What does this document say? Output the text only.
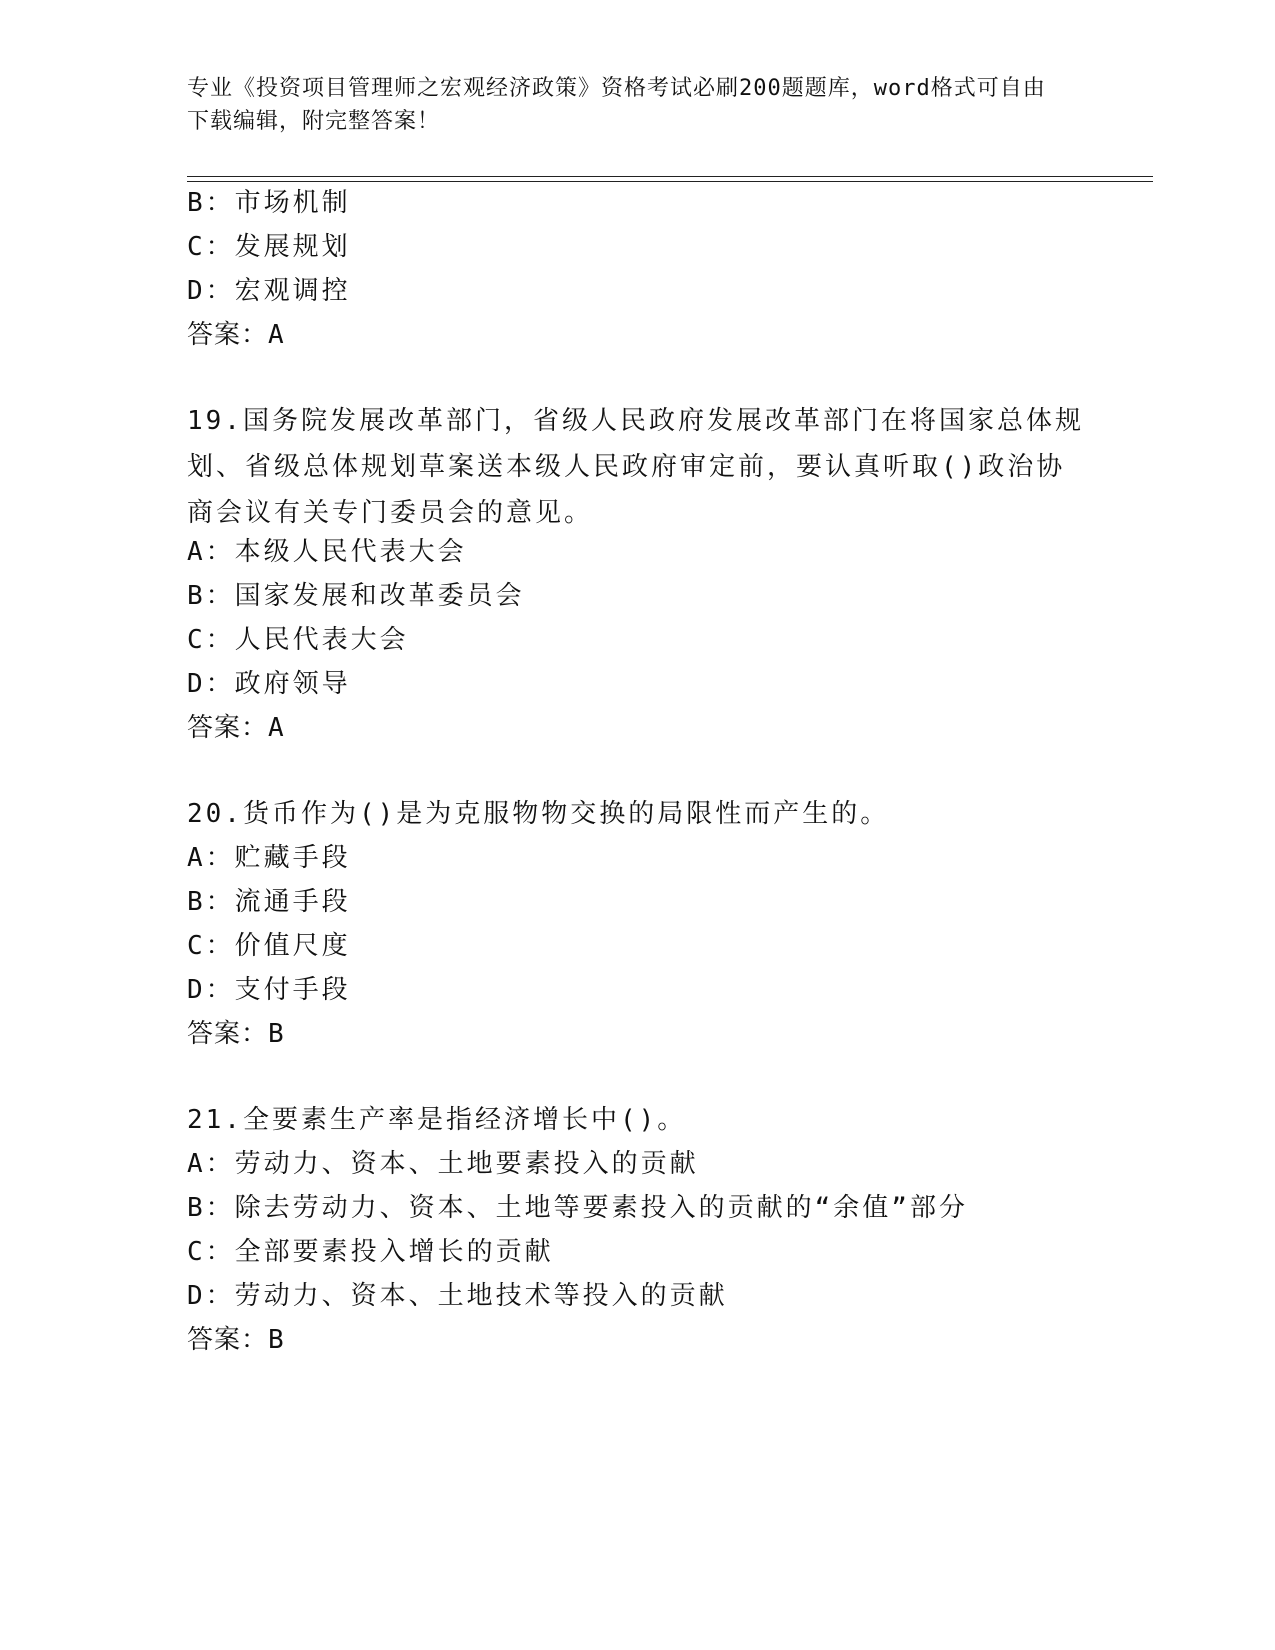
专业《投资项目管理师之宏观经济政策》资格考试必刷200题题库，word格式可自由下载编辑，附完整答案！
B：市场机制
C：发展规划
D：宏观调控
答案：A
19.国务院发展改革部门，省级人民政府发展改革部门在将国家总体规划、省级总体规划草案送本级人民政府审定前，要认真听取()政治协商会议有关专门委员会的意见。
A：本级人民代表大会
B：国家发展和改革委员会
C：人民代表大会
D：政府领导
答案：A
20.货币作为()是为克服物物交换的局限性而产生的。
A：贮藏手段
B：流通手段
C：价值尺度
D：支付手段
答案：B
21.全要素生产率是指经济增长中()。
A：劳动力、资本、土地要素投入的贡献
B：除去劳动力、资本、土地等要素投入的贡献的“余值”部分
C：全部要素投入增长的贡献
D：劳动力、资本、土地技术等投入的贡献
答案：B
